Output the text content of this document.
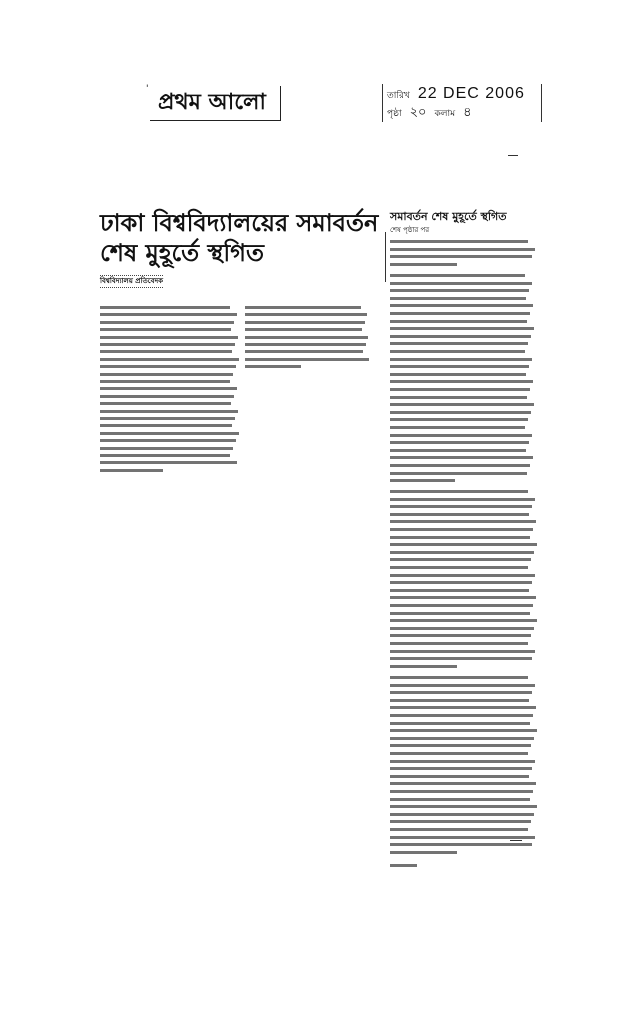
'
প্রথম আলো	তারিখ 22 DEC 2006
পৃষ্ঠা ২০ কলাম ৪
ঢাকা বিশ্ববিদ্যালয়ের সমাবর্তন শেষ মুহূর্তে স্থগিত
বিশ্ববিদ্যালয় প্রতিবেদক
সমাবর্তন শেষ মুহূর্তে স্থগিত
শেষ পৃষ্ঠার পর
